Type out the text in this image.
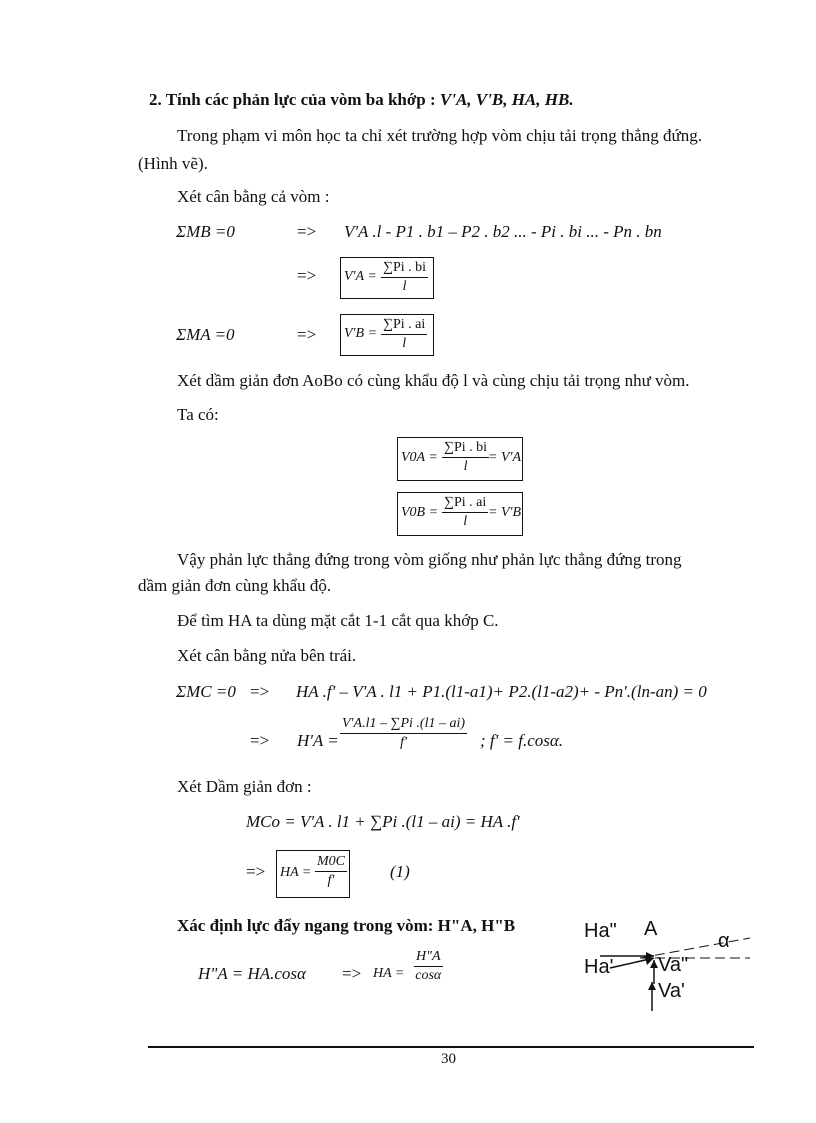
2. Tính các phản lực của vòm ba khớp : V'A, V'B, HA, HB.
Trong phạm vi môn học ta chỉ xét trường hợp vòm chịu tải trọng thẳng đứng.
(Hình vẽ).
Xét cân bằng cả vòm :
ΣMB =0	=> V'A .l - P1 . b1 – P2 . b2 ... - Pi . bi ... - Pn . bn
=> $V'A = \frac{\sum Pi . bi}{l}$
ΣMA =0	=> $V'B = \frac{\sum Pi . ai}{l}$
Xét dầm giản đơn AoBo có cùng khẩu độ l và cùng chịu tải trọng như vòm.
Ta có:
$V0A = \frac{\sum Pi . bi}{l}$
= V'A
$V0B = \frac{\sum Pi . ai}{l} = V'B$
Vậy phản lực thẳng đứng trong vòm giống như phản lực thẳng đứng trong
dầm giản đơn cùng khẩu độ.
Để tìm HA ta dùng mặt cắt 1-1 cắt qua khớp C.
Xét cân bằng nửa bên trái.
ΣMC =0 => HA .f' – V'A . l1 + P1.(l1-a1)+ P2.(l1-a2)+ - Pn'.(ln-an) = 0
=> $H'A = \frac{V'A.l1 - \sum Pi .(l1 - ai)}{f'}$ ; f' = f.cosα.
Xét Dầm giản đơn :
MCo = V'A . l1 + ∑Pi .(l1 – ai) = HA .f'
=> HA = $\frac{M0C}{f'}$	(1)
Xác định lực đẩy ngang trong vòm: H"A, H"B
H"A = HA.cosα => HA = $\frac{H"A}{\cos\alpha}$
Ha" A
α
Ha' Va"
Va'
30
